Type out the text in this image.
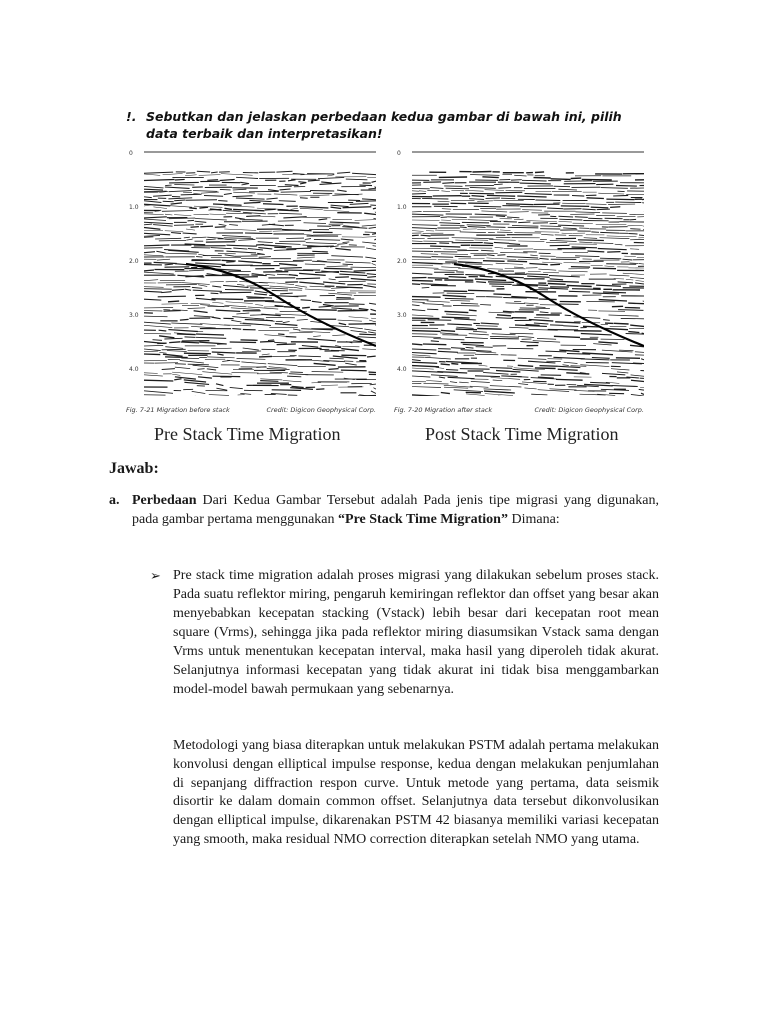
!. Sebutkan dan jelaskan perbedaan kedua gambar di bawah ini, pilih data terbaik dan interpretasikan!
0
1.0
2.0
3.0
4.0
Fig. 7-21 Migration before stack	Credit: Digicon Geophysical Corp.
0
1.0
2.0
3.0
4.0
Fig. 7-20 Migration after stack	Credit: Digicon Geophysical Corp.
Pre Stack Time Migration	Post Stack Time Migration
Jawab:
a. Perbedaan Dari Kedua Gambar Tersebut adalah Pada jenis tipe migrasi yang digunakan, pada gambar pertama menggunakan “Pre Stack Time Migration” Dimana:
➢ Pre stack time migration adalah proses migrasi yang dilakukan sebelum proses stack. Pada suatu reflektor miring, pengaruh kemiringan reflektor dan offset yang besar akan menyebabkan kecepatan stacking (Vstack) lebih besar dari kecepatan root mean square (Vrms), sehingga jika pada reflektor miring diasumsikan Vstack sama dengan Vrms untuk menentukan kecepatan interval, maka hasil yang diperoleh tidak akurat. Selanjutnya informasi kecepatan yang tidak akurat ini tidak bisa menggambarkan model-model bawah permukaan yang sebenarnya.
Metodologi yang biasa diterapkan untuk melakukan PSTM adalah pertama melakukan konvolusi dengan elliptical impulse response, kedua dengan melakukan penjumlahan di sepanjang diffraction respon curve. Untuk metode yang pertama, data seismik disortir ke dalam domain common offset. Selanjutnya data tersebut dikonvolusikan dengan elliptical impulse, dikarenakan PSTM 42 biasanya memiliki variasi kecepatan yang smooth, maka residual NMO correction diterapkan setelah NMO yang utama.
